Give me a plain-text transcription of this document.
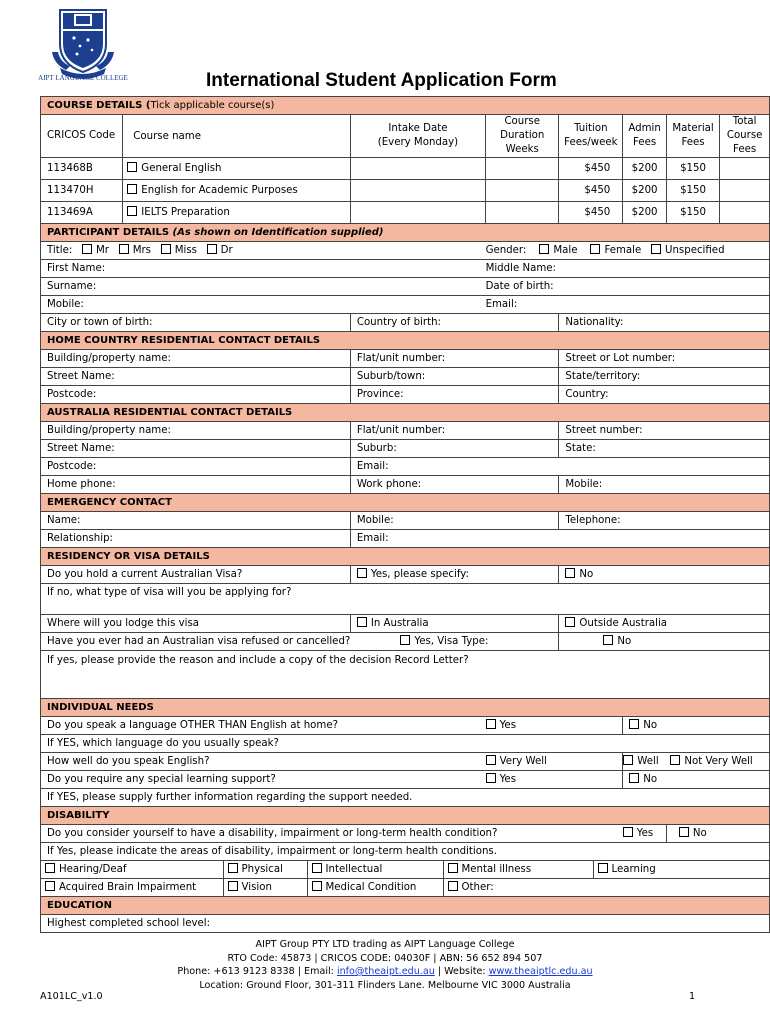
AIPT LANGUAGE COLLEGE	International Student Application Form
COURSE DETAILS (Tick applicable course(s)
CRICOS Code	Course name	Intake Date (Every Monday)	Course Duration Weeks	Tuition Fees/week	Admin Fees	Material Fees	Total Course Fees
113468B	General English			$450	$200	$150	
113470H	English for Academic Purposes			$450	$200	$150	
113469A	IELTS Preparation			$450	$200	$150	
PARTICIPANT DETAILS (As shown on Identification supplied)
Title: Mr Mrs Miss Dr	Gender:	Male	Female Unspecified
First Name:	Middle Name:
Surname:	Date of birth:
Mobile:	Email:
City or town of birth:	Country of birth:	Nationality:
HOME COUNTRY RESIDENTIAL CONTACT DETAILS
Building/property name:	Flat/unit number:	Street or Lot number:
Street Name:	Suburb/town:	State/territory:
Postcode:	Province:	Country:
AUSTRALIA RESIDENTIAL CONTACT DETAILS
Building/property name:	Flat/unit number:	Street number:
Street Name:	Suburb:	State:
Postcode:	Email:
Home phone:	Work phone:	Mobile:
EMERGENCY CONTACT
Name:	Mobile:	Telephone:
Relationship:	Email:
RESIDENCY OR VISA DETAILS
Do you hold a current Australian Visa?	Yes, please specify:	No
If no, what type of visa will you be applying for?
Where will you lodge this visa	In Australia	Outside Australia
Have you ever had an Australian visa refused or cancelled?	Yes, Visa Type:	No
If yes, please provide the reason and include a copy of the decision Record Letter?
INDIVIDUAL NEEDS
Do you speak a language OTHER THAN English at home?	Yes	No
If YES, which language do you usually speak?
How well do you speak English?	Very Well	Well	Not Very Well
Do you require any special learning support?	Yes	No
If YES, please supply further information regarding the support needed.
DISABILITY
Do you consider yourself to have a disability, impairment or long-term health condition?	Yes	No
If Yes, please indicate the areas of disability, impairment or long-term health conditions.

Hearing/Deaf	Physical	Intellectual	Mental illness	Learning

Acquired Brain Impairment	Vision	Medical Condition	Other:

EDUCATION
Highest completed school level:
AIPT Group PTY LTD trading as AIPT Language College
RTO Code: 45873 | CRICOS CODE: 04030F | ABN: 56 652 894 507
Phone: +613 9123 8338 | Email: info@theaipt.edu.au | Website: www.theaiptlc.edu.au
Location: Ground Floor, 301-311 Flinders Lane. Melbourne VIC 3000 Australia
A101LC_v1.0	1
